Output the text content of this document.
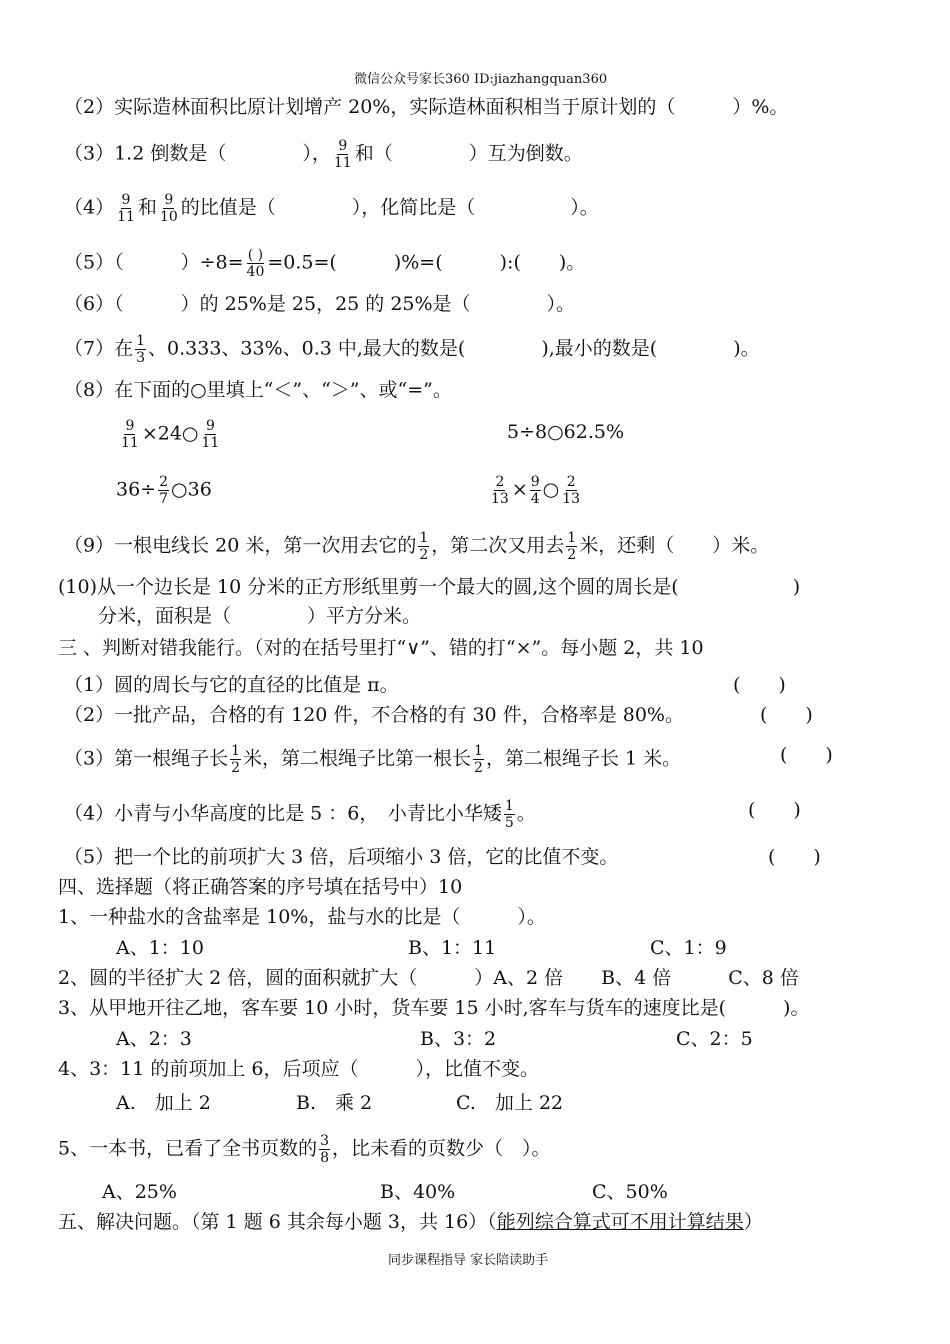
微信公众号家长360 ID:jiazhangquan360
（2）实际造林面积比原计划增产 20%，实际造林面积相当于原计划的（　　　）%。
（3）1.2 倒数是（　　　　）， $\frac{9}{11}$ 和（　　　　）互为倒数。
$(4) \frac{9}{11}$ 和 $\frac{9}{10}$ 的比值是（　　　　），化简比是（　　　　　）。
（5）（　　　）$\div 8= \frac{( )}{40} =0.5=$(　　　)%=(　　　):(　　)。
（6）（　　　）的 25%是 25，25 的 25%是（　　　　）。
（7）在 $\frac{1}{3}$ 、0.333、33%、0.3 中,最大的数是(　　　　),最小的数是(　　　　)。
（8）在下面的○里填上“＜”、“＞”、或“=”。
$\frac{9}{11}$ ×24○ $\frac{9}{11}$	5÷8○62.5%
$36\div \frac{2}{7}$ ○36	$\frac{2}{13} \times \frac{9}{4}$ ○ $\frac{2}{13}$
（9）一根电线长 20 米，第一次用去它的 $\frac{1}{2}$ ，第二次又用去 $\frac{1}{2}$ 米，还剩（　　）米。
(10)从一个边长是 10 分米的正方形纸里剪一个最大的圆,这个圆的周长是(　　　　　　)
分米，面积是（　　　　）平方分米。
三 、判断对错我能行。（对的在括号里打“∨”、错的打“×”。每小题 2，共 10
（1）圆的周长与它的直径的比值是 π。	(　　)
（2）一批产品，合格的有 120 件，不合格的有 30 件，合格率是 80%。	(　　)
（3）第一根绳子长 $\frac{1}{2}$ 米，第二根绳子比第一根长 $\frac{1}{2}$ ，第二根绳子长 1 米。	(　　)
（4）小青与小华高度的比是 5 ：6，　小青比小华矮 $\frac{1}{5}$ 。	(　　)
（5）把一个比的前项扩大 3 倍，后项缩小 3 倍，它的比值不变。	(　　)
四、选择题（将正确答案的序号填在括号中）10
1、一种盐水的含盐率是 10%，盐与水的比是（　　　）。
A、1：10	B、1：11	C、1：9
2、圆的半径扩大 2 倍，圆的面积就扩大（　　　）A、2 倍　　B、4 倍　　　C、8 倍
3、从甲地开往乙地，客车要 10 小时，货车要 15 小时,客车与货车的速度比是(　　　)。
A、2：3	B、3：2	C、2：5
4、3：11 的前项加上 6，后项应（　　　），比值不变。
A.　加上 2	B.　乘 2	C.　加上 22
5、一本书，已看了全书页数的 $\frac{3}{8}$ ，比未看的页数少（　）。
A、25%	B、40%	C、50%
五、解决问题。（第 1 题 6 其余每小题 3，共 16）（能列综合算式可不用计算结果）
同步课程指导 家长陪读助手
